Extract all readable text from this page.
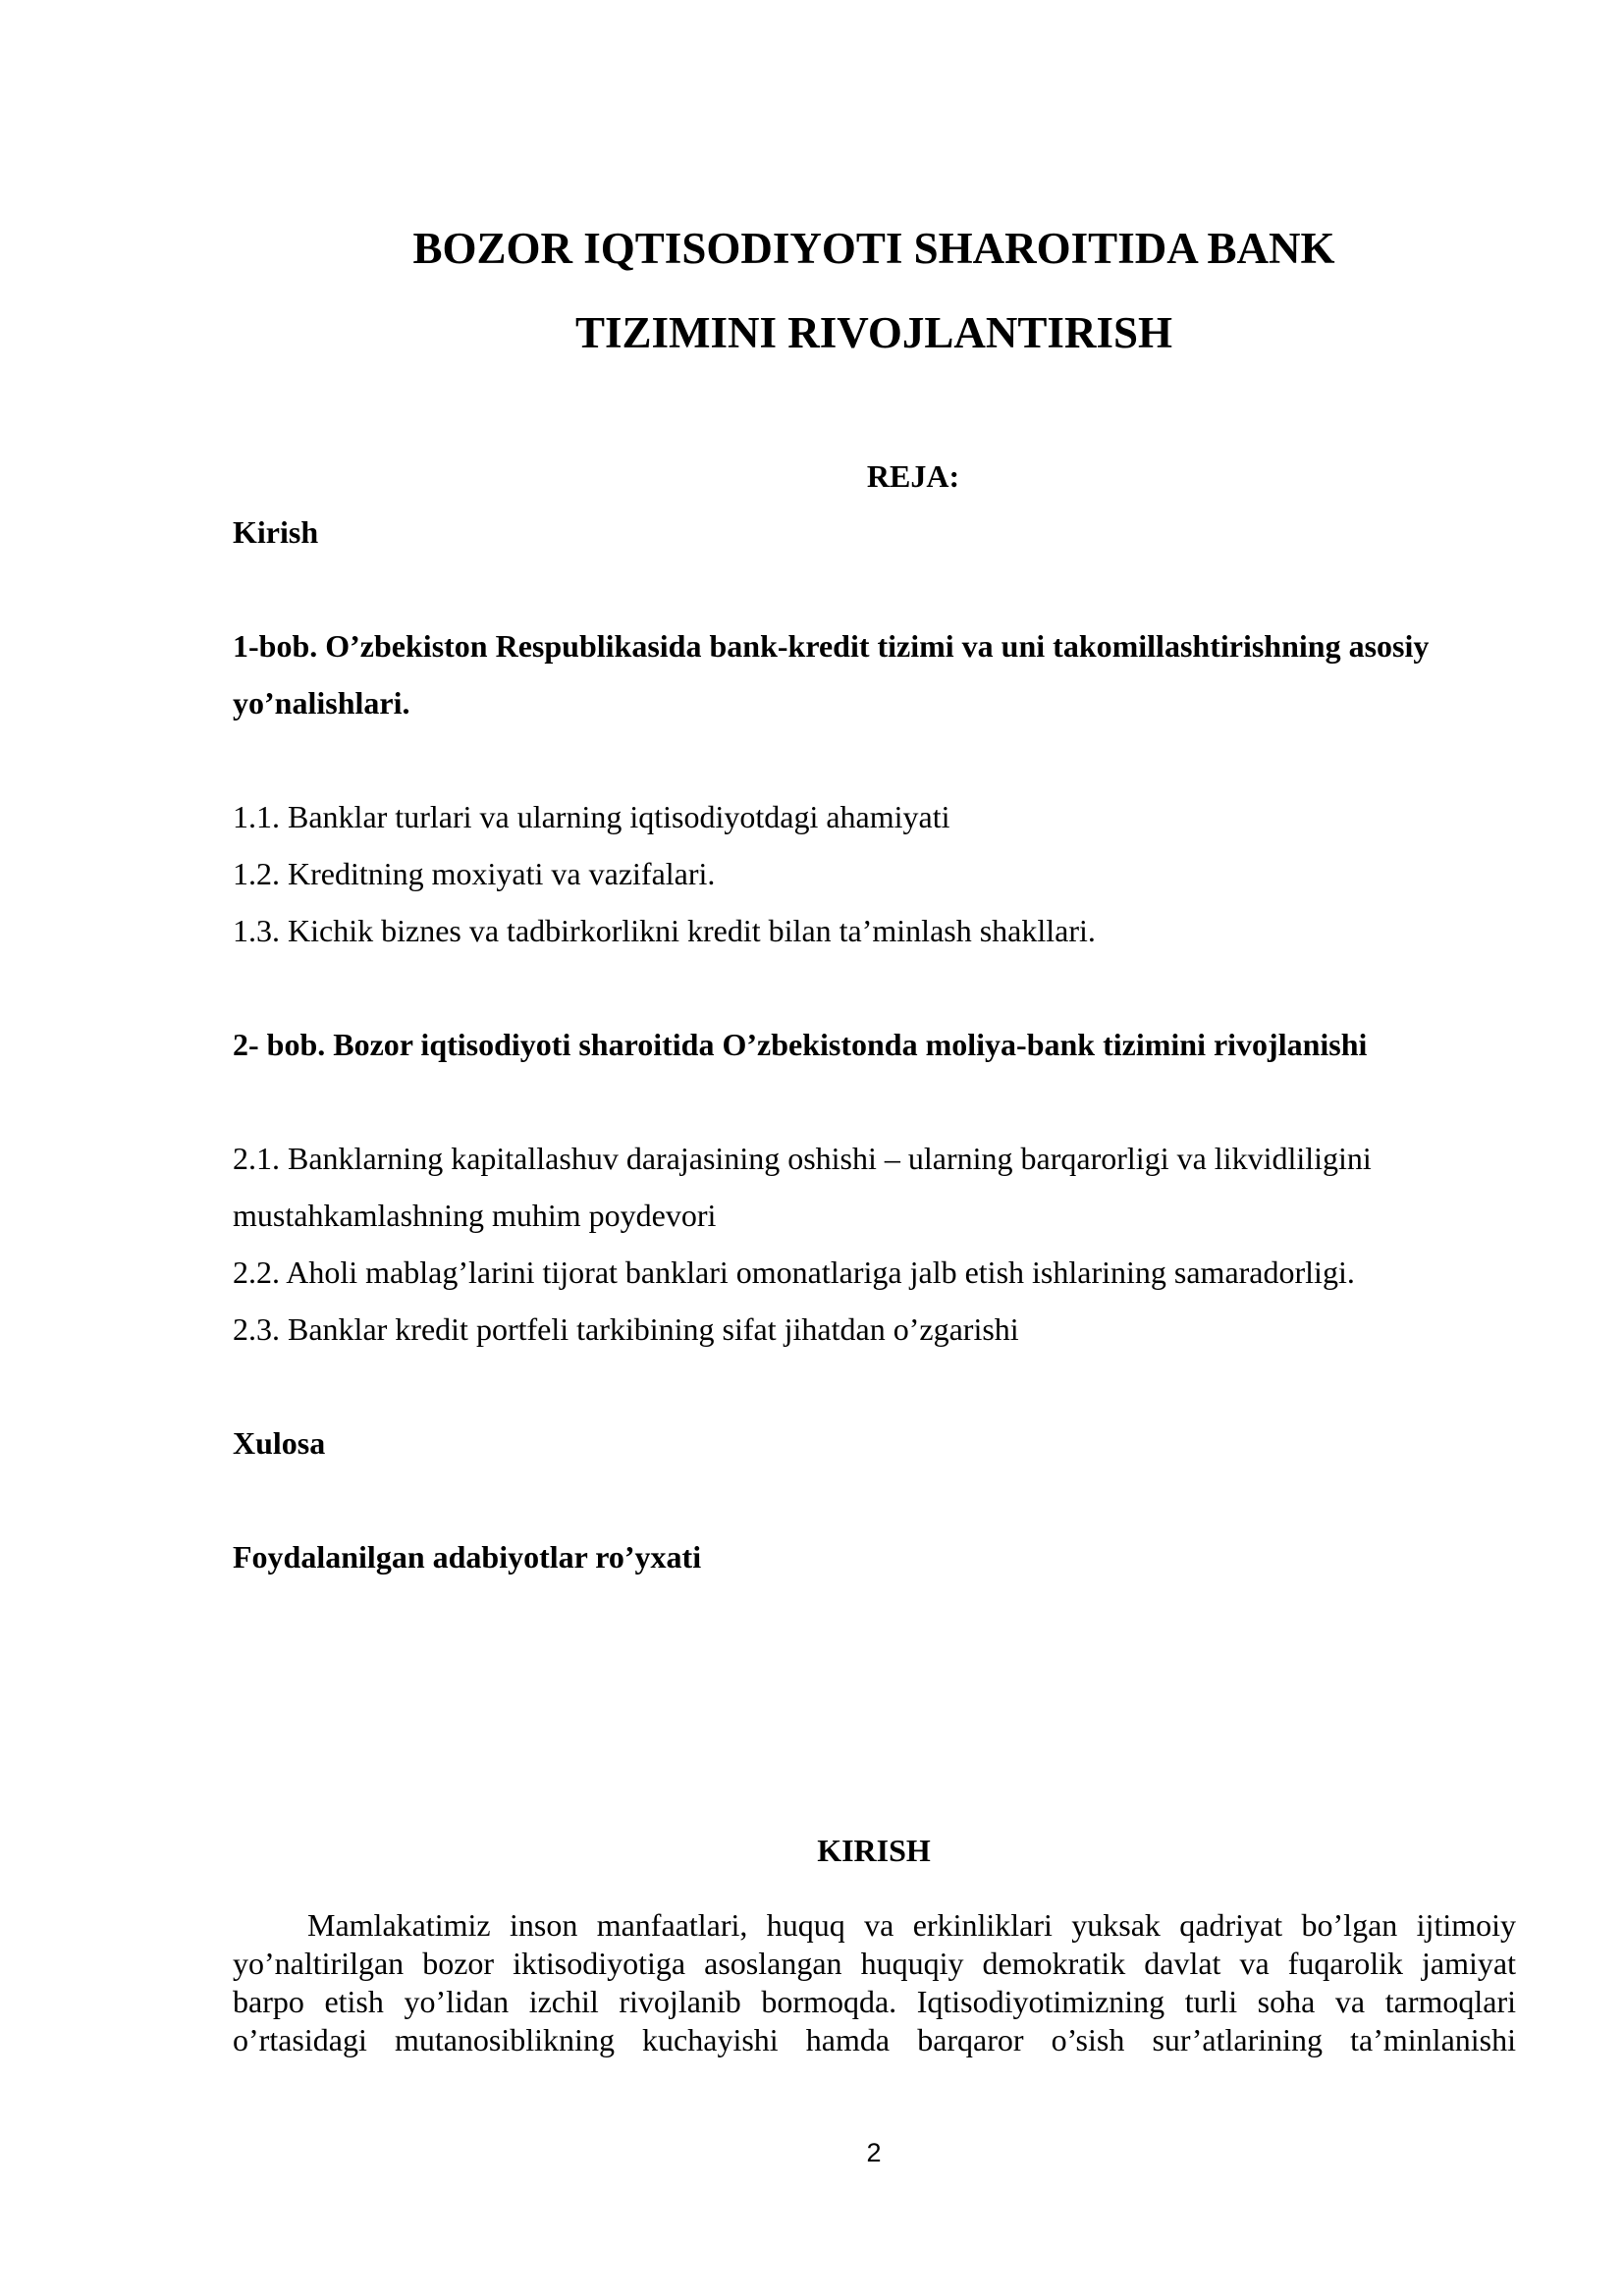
BOZOR IQTISODIYOTI SHAROITIDA BANK
TIZIMINI RIVOJLANTIRISH
REJA:

Kirish

1-bob. O’zbekiston Respublikasida bank-kredit tizimi va uni takomillashtirishning asosiy

yo’nalishlari.

1.1. Banklar turlari va ularning iqtisodiyotdagi ahamiyati

1.2. Kreditning moxiyati va vazifalari.

1.3. Kichik biznes va tadbirkorlikni kredit bilan ta’minlash shakllari.

2- bob. Bozor iqtisodiyoti sharoitida O’zbekistonda moliya-bank tizimini rivojlanishi

2.1. Banklarning kapitallashuv darajasining oshishi – ularning barqarorligi va likvidliligini

mustahkamlashning muhim poydevori

2.2. Aholi mablag’larini tijorat banklari omonatlariga jalb etish ishlarining samaradorligi.

2.3. Banklar kredit portfeli tarkibining sifat jihatdan o’zgarishi

Xulosa

Foydalanilgan adabiyotlar ro’yxati

KIRISH

Mamlakatimiz inson manfaatlari, huquq va erkinliklari yuksak qadriyat bo’lgan ijtimoiy

yo’naltirilgan bozor iktisodiyotiga asoslangan huquqiy demokratik davlat va fuqarolik jamiyat

barpo etish yo’lidan izchil rivojlanib bormoqda. Iqtisodiyotimizning turli soha va tarmoqlari

o’rtasidagi mutanosiblikning kuchayishi hamda barqaror o’sish sur’atlarining ta’minlanishi

2
